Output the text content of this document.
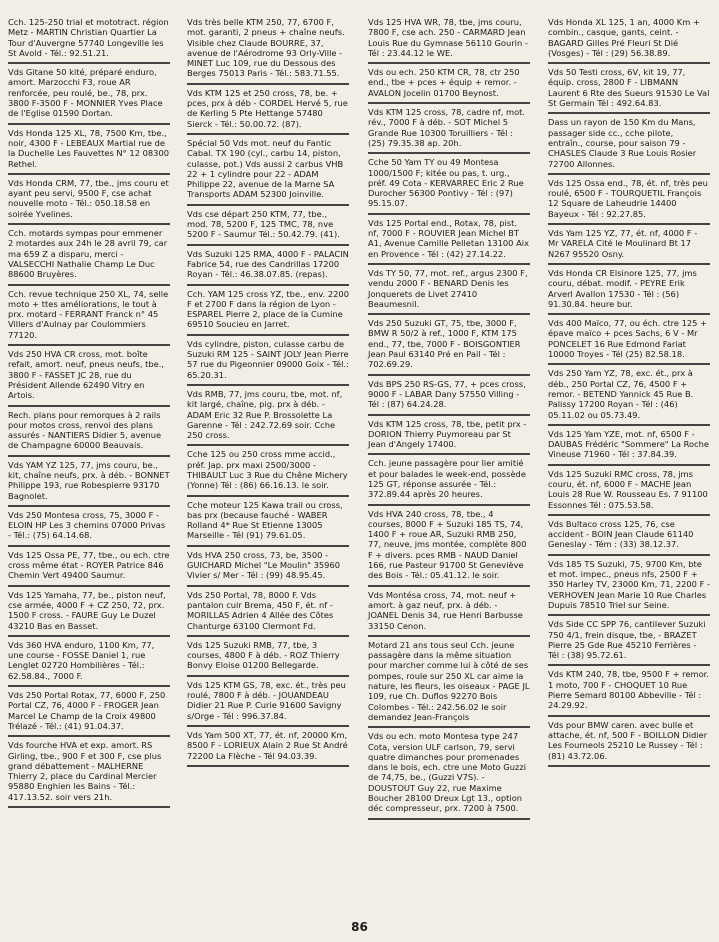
Cch. 125-250 trial et mototract. région Metz - MARTIN Christian Quartier La Tour d'Auvergne 57740 Longeville les St Avold - Tél.: 92.51.21.
Vds Gitane 50 kité, préparé enduro, amort. Marzocchi F3, roue AR renforcée, peu roulé, be., 78, prx. 3800 F-3500 F - MONNIER Yves Place de l'Eglise 01590 Dortan.
Vds Honda 125 XL, 78, 7500 Km, tbe., noir, 4300 F - LEBEAUX Martial rue de la Duchelle Les Fauvettes N° 12 08300 Rethel.
Vds Honda CRM, 77, tbe., jms couru et ayant peu servi, 9500 F, cse achat nouvelle moto - Tél.: 050.18.58 en soirée Yvelines.
Cch. motards sympas pour emmener 2 motardes aux 24h le 28 avril 79, car ma 659 Z a disparu, merci - VALSECCHI Nathalie Champ Le Duc 88600 Bruyères.
Cch. revue technique 250 XL, 74, selle moto + ttes améliorations, le tout à prx. motard - FERRANT Franck n° 45 Villers d'Aulnay par Coulommiers 77120.
Vds 250 HVA CR cross, mot. boîte refait, amort. neuf, pneus neufs, tbe., 3800 F - FASSET JC 28, rue du Président Allende 62490 Vitry en Artois.
Rech. plans pour remorques à 2 rails pour motos cross, renvoi des plans assurés - NANTIERS Didier 5, avenue de Champagne 60000 Beauvais.
Vds YAM YZ 125, 77, jms couru, be., kit, chaîne neufs, prx. à déb. - BONNET Philippe 193, rue Robespierre 93170 Bagnolet.
Vds 250 Montesa cross, 75, 3000 F - ELOIN HP Les 3 chemins 07000 Privas - Tél.: (75) 64.14.68.
Vds 125 Ossa PE, 77, tbe., ou ech. ctre cross même état - ROYER Patrice 846 Chemin Vert 49400 Saumur.
Vds 125 Yamaha, 77, be., piston neuf, cse armée, 4000 F + CZ 250, 72, prx. 1500 F cross. - FAURE Guy Le Duzel 43210 Bas en Basset.
Vds 360 HVA enduro, 1100 Km, 77, une course - FOSSE Daniel 1, rue Lenglet 02720 Hombilières - Tél.: 62.58.84., 7000 F.
Vds 250 Portal Rotax, 77, 6000 F, 250 Portal CZ, 76, 4000 F - FROGER Jean Marcel Le Champ de la Croix 49800 Trélazé - Tél.: (41) 91.04.37.
Vds fourche HVA et exp. amort. RS Girling, tbe., 900 F et 300 F, cse plus grand débattement - MALHERNE Thierry 2, place du Cardinal Mercier 95880 Enghien les Bains - Tél.: 417.13.52. soir vers 21h.
Vds très belle KTM 250, 77, 6700 F, mot. garanti, 2 pneus + chaîne neufs. Visible chez Claude BOURRE, 37, avenue de l'Aérodrome 93 Orly-Ville - MINET Luc 109, rue du Dessous des Berges 75013 Paris - Tél.: 583.71.55.
Vds KTM 125 et 250 cross, 78, be. + pces, prx à déb - CORDEL Hervé 5, rue de Kerling 5 Pte Hettange 57480 Sierck - Tél.: 50.00.72. (87).
Spécial 50 Vds mot. neuf du Fantic Cabal. TX 190 (cyl., carbu 14, piston, culasse, pot.) Vds aussi 2 carbus VHB 22 + 1 cylindre pour 22 - ADAM Philippe 22, avenue de la Marne SA Transports ADAM 52300 Joinville.
Vds cse départ 250 KTM, 77, tbe., mod. 78, 5200 F, 125 TMC, 78, nve 5200 F - Saumur Tél.: 50.42.79. (41).
Vds Suzuki 125 RMA, 4000 F - PALACIN Fabrice 54, rue des Candrillas 17200 Royan - Tél.: 46.38.07.85. (repas).
Cch. YAM 125 cross YZ, tbe., env. 2200 F et 2700 F dans la région de Lyon - ESPAREL Pierre 2, place de la Cumine 69510 Soucieu en Jarret.
Vds cylindre, piston, culasse carbu de Suzuki RM 125 - SAINT JOLY Jean Pierre 57 rue du Pigeonnier 09000 Goix - Tél.: 65.20.31.
Vds RMB, 77, jms couru, tbe, mot. nf, kit largé, chaîne, pig. prx à déb. - ADAM Eric 32 Rue P. Brossolette La Garenne - Tél : 242.72.69 soir. Cche 250 cross.
Cche 125 ou 250 cross mme accid., préf. Jap. prx maxi 2500/3000 - THIBAULT Luc 3 Rue du Chêne Michery (Yonne) Tél : (86) 66.16.13. le soir.
Cche moteur 125 Kawa trail ou cross, bas prx (because fauché - WABER Rolland 4* Rue St Etienne 13005 Marseille - Tél (91) 79.61.05.
Vds HVA 250 cross, 73, be, 3500 - GUICHARD Michel "Le Moulin" 35960 Vivier s/ Mer - Tél : (99) 48.95.45.
Vds 250 Portal, 78, 8000 F. Vds pantalon cuir Brema, 450 F, ét. nf - MORILLAS Adrien 4 Allée des Côtes Chanturge 63100 Clermont Fd.
Vds 125 Suzuki RMB, 77, tbe, 3 courses, 4800 F à déb. - ROZ Thierry Bonvy Eloise 01200 Bellegarde.
Vds 125 KTM GS, 78, exc. ét., très peu roulé, 7800 F à déb. - JOUANDEAU Didier 21 Rue P. Curie 91600 Savigny s/Orge - Tél : 996.37.84.
Vds Yam 500 XT, 77, ét. nf, 20000 Km, 8500 F - LORIEUX Alain 2 Rue St André 72200 La Flèche - Tél 94.03.39.
Vds 125 HVA WR, 78, tbe, jms couru, 7800 F, cse ach. 250 - CARMARD Jean Louis Rue du Gymnase 56110 Gourin - Tél : 23.44.12 le WE.
Vds ou ech. 250 KTM CR, 78, ctr 250 end., tbe + pces + équip + remor. - AVALON Jocelin 01700 Beynost.
Vds KTM 125 cross, 78, cadre nf, mot. rév., 7000 F à déb. - SOT Michel 5 Grande Rue 10300 Toruilliers - Tél : (25) 79.35.38 ap. 20h.
Cche 50 Yam TY ou 49 Montesa 1000/1500 F; kitée ou pas, t. urg., préf. 49 Cota - KERVARREC Eric 2 Rue Durocher 56300 Pontivy - Tél : (97) 95.15.07.
Vds 125 Portal end., Rotax, 78, pist. nf, 7000 F - ROUVIER Jean Michel BT A1, Avenue Camille Pelletan 13100 Aix en Provence - Tél : (42) 27.14.22.
Vds TY 50, 77, mot. ref., argus 2300 F, vendu 2000 F - BENARD Denis les Jonquerets de Livet 27410 Beaumesnil.
Vds 250 Suzuki GT, 75, tbe, 3000 F, BMW R 50/2 à ref., 1000 F, KTM 175 end., 77, tbe, 7000 F - BOISGONTIER Jean Paul 63140 Pré en Pail - Tél : 702.69.29.
Vds BPS 250 RS-GS, 77, + pces cross, 9000 F - LABAR Dany 57550 Villing - Tél : (87) 64.24.28.
Vds KTM 125 cross, 78, tbe, petit prx - DORION Thierry Puymoreau par St Jean d'Angely 17400.
Cch. jeune passagère pour lier amitié et pour balades le week-end, possède 125 GT, réponse assurée - Tél.: 372.89.44 après 20 heures.
Vds HVA 240 cross, 78, tbe., 4 courses, 8000 F + Suzuki 185 TS, 74, 1400 F + roue AR, Suzuki RMB 250, 77, neuve, jms montée, complète 800 F + divers. pces RMB - NAUD Daniel 166, rue Pasteur 91700 St Geneviève des Bois - Tél.: 05.41.12. le soir.
Vds Montésa cross, 74, mot. neuf + amort. à gaz neuf, prx. à déb. - JOANEL Denis 34, rue Henri Barbusse 33150 Cenon.
Motard 21 ans tous seul Cch. jeune passagère dans la même situation pour marcher comme lui à côté de ses pompes, roule sur 250 XL car aime la nature, les fleurs, les oiseaux - PAGE JL 109, rue Ch. Duflos 92270 Bois Colombes - Tél.: 242.56.02 le soir demandez Jean-François
Vds ou ech. moto Montesa type 247 Cota, version ULF carlson, 79, servi quatre dimanches pour promenades dans le bois, ech. ctre une Moto Guzzi de 74,75, be., (Guzzi V7S). - DOUSTOUT Guy 22, rue Maxime Boucher 28100 Dreux Lgt 13., option déc compresseur, prx. 7200 à 7500.
Vds Honda XL 125, 1 an, 4000 Km + combin., casque, gants, ceint. - BAGARD Gilles Pré Fleuri St Dié (Vosges) - Tél : (29) 56.38.89.
Vds 50 Testi cross, 6V, kit 19, 77, équip. cross, 2800 F - LIBMANN Laurent 6 Rte des Sueurs 91530 Le Val St Germain Tél : 492.64.83.
Dass un rayon de 150 Km du Mans, passager side cc., cche pilote, entraîn., course, pour saison 79 - CHASLES Claude 3 Rue Louis Rosier 72700 Allonnes.
Vds 125 Ossa end., 78, ét. nf, très peu roulé, 6500 F - TOURQUETIL François 12 Square de Laheudrie 14400 Bayeux - Tél : 92.27.85.
Vds Yam 125 YZ, 77, ét. nf, 4000 F - Mr VARELA Cité le Moulinard Bt 17 N267 95520 Osny.
Vds Honda CR Elsinore 125, 77, jms couru, débat. modif. - PEYRE Erik Arverl Avallon 17530 - Tél : (56) 91.30.84. heure bur.
Vds 400 Maïco, 77, ou éch. ctre 125 + épave maïco + pces Sachs, 6 V - Mr PONCELET 16 Rue Edmond Fariat 10000 Troyes - Tél (25) 82.58.18.
Vds 250 Yam YZ, 78, exc. ét., prx à déb., 250 Portal CZ, 76, 4500 F + remor. - BETEND Yannick 45 Rue B. Palissy 17200 Royan - Tél : (46) 05.11.02 ou 05.73.49.
Vds 125 Yam YZE, mot. nf, 6500 F - DAUBAS Frédéric "Sommere" La Roche Vineuse 71960 - Tél : 37.84.39.
Vds 125 Suzuki RMC cross, 78, jms couru, ét. nf, 6000 F - MACHE Jean Louis 28 Rue W. Rousseau Es. 7 91100 Essonnes Tél : 075.53.58.
Vds Bultaco cross 125, 76, cse accident - BOIN Jean Claude 61140 Geneslay - Tém : (33) 38.12.37.
Vds 185 TS Suzuki, 75, 9700 Km, bte et mot. impec., pneus nfs, 2500 F + 350 Harley TV, 23000 Km, 71, 2200 F - VERHOVEN Jean Marie 10 Rue Charles Dupuis 78510 Triel sur Seine.
Vds Side CC SPP 76, cantilever Suzuki 750 4/1, frein disque, tbe, - BRAZET Pierre 25 Gde Rue 45210 Ferrières - Tél : (38) 95.72.61.
Vds KTM 240, 78, tbe, 9500 F + remor. 1 moto, 700 F - CHOQUET 10 Rue Pierre Semard 80100 Abbeville - Tél : 24.29.92.
Vds pour BMW caren. avec bulle et attache, ét. nf, 500 F - BOILLON Didier Les Fourneols 25210 Le Russey - Tél : (81) 43.72.06.
86
